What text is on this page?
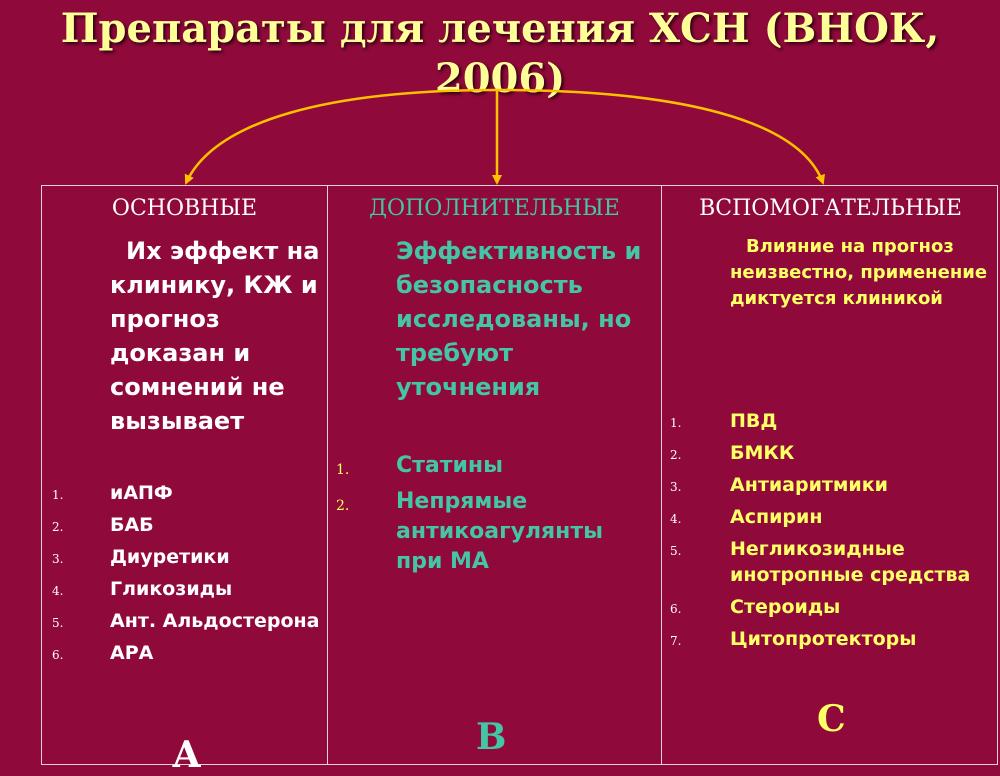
Препараты для лечения ХСН (ВНОК, 2006)
ОСНОВНЫЕ
Их эффект на клинику, КЖ и прогноз доказан и сомнений не вызывает
1. иАПФ
2. БАБ
3. Диуретики
4. Гликозиды
5. Ант. Альдостерона
6. АРА
А
ДОПОЛНИТЕЛЬНЫЕ
Эффективность и безопасность исследованы, но требуют уточнения
1. Статины
2. Непрямые антикоагулянты при МА
В
ВСПОМОГАТЕЛЬНЫЕ
Влияние на прогноз неизвестно, применение диктуется клиникой
1.	ПВД
2.	БМКК
3.	Антиаритмики
4.	Аспирин
5.	Негликозидные инотропные средства
6.	Стероиды
7.	Цитопротекторы
С
